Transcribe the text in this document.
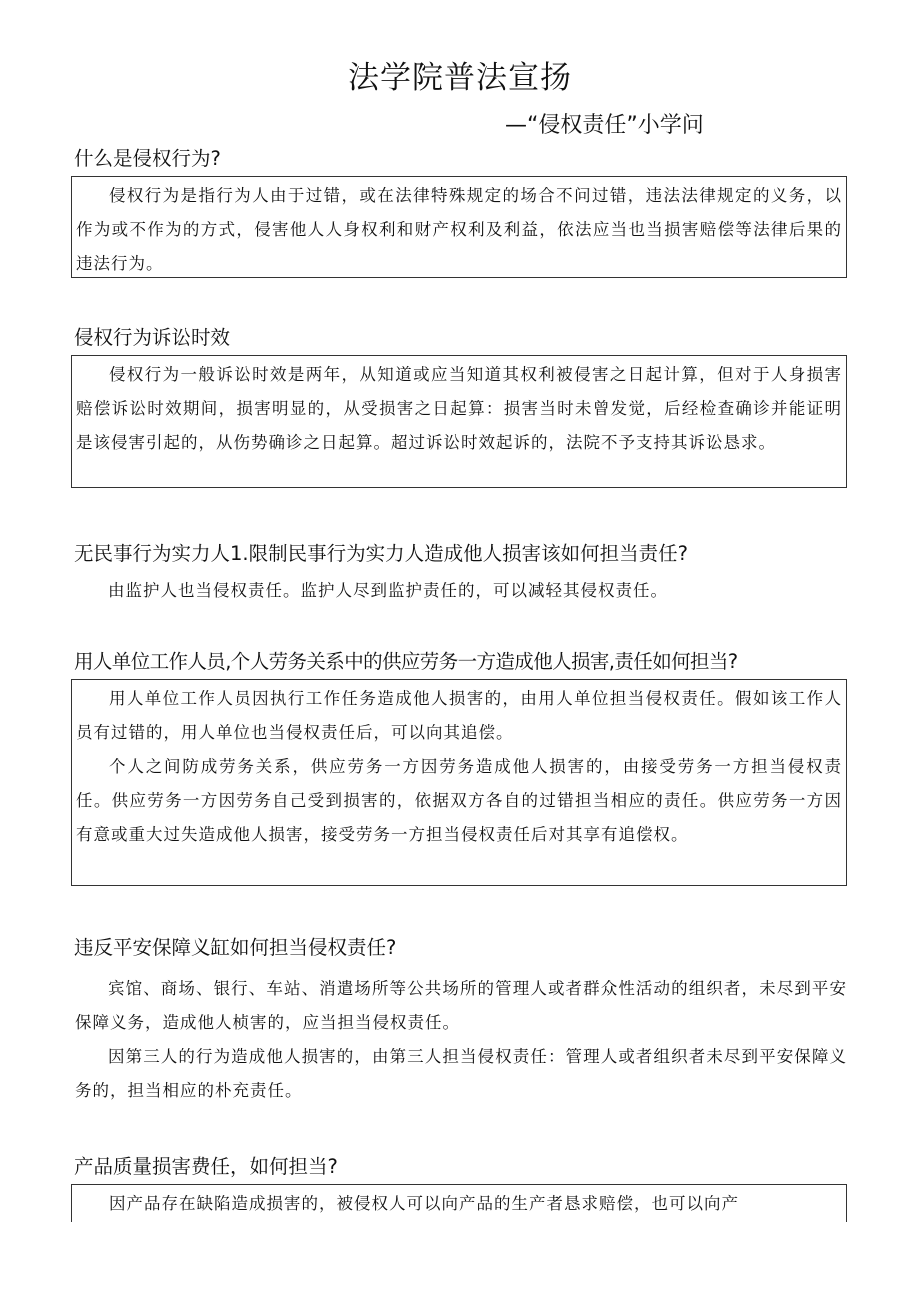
法学院普法宣扬
—“侵权责任”小学问
什么是侵权行为?

侵权行为是指行为人由于过错，或在法律特殊规定的场合不问过错，违法法律规定的义务，以作为或不作为的方式，侵害他人人身权利和财产权利及利益，依法应当也当损害赔偿等法律后果的违法行为。

侵权行为诉讼时效

侵权行为一般诉讼时效是两年，从知道或应当知道其权利被侵害之日起计算，但对于人身损害赔偿诉讼时效期间，损害明显的，从受损害之日起算：损害当时未曾发觉，后经检查确诊并能证明是该侵害引起的，从伤势确诊之日起算。超过诉讼时效起诉的，法院不予支持其诉讼恳求。

无民事行为实力人1.限制民事行为实力人造成他人损害该如何担当责任?

由监护人也当侵权责任。监护人尽到监护责任的，可以减轻其侵权责任。

用人单位工作人员,个人劳务关系中的供应劳务一方造成他人损害,责任如何担当?

用人单位工作人员因执行工作任务造成他人损害的，由用人单位担当侵权责任。假如该工作人员有过错的，用人单位也当侵权责任后，可以向其追偿。

个人之间防成劳务关系，供应劳务一方因劳务造成他人损害的，由接受劳务一方担当侵权责任。供应劳务一方因劳务自己受到损害的，依据双方各自的过错担当相应的责任。供应劳务一方因有意或重大过失造成他人损害，接受劳务一方担当侵权责任后对其享有追偿权。

违反平安保障义缸如何担当侵权责任?

宾馆、商场、银行、车站、消遣场所等公共场所的管理人或者群众性活动的组织者，未尽到平安保障义务，造成他人桢害的，应当担当侵权责任。

因第三人的行为造成他人损害的，由第三人担当侵权责任：管理人或者组织者未尽到平安保障义务的，担当相应的朴充责任。

产品质量损害费任，如何担当?

因产品存在缺陷造成损害的，被侵权人可以向产品的生产者恳求赔偿，也可以向产
